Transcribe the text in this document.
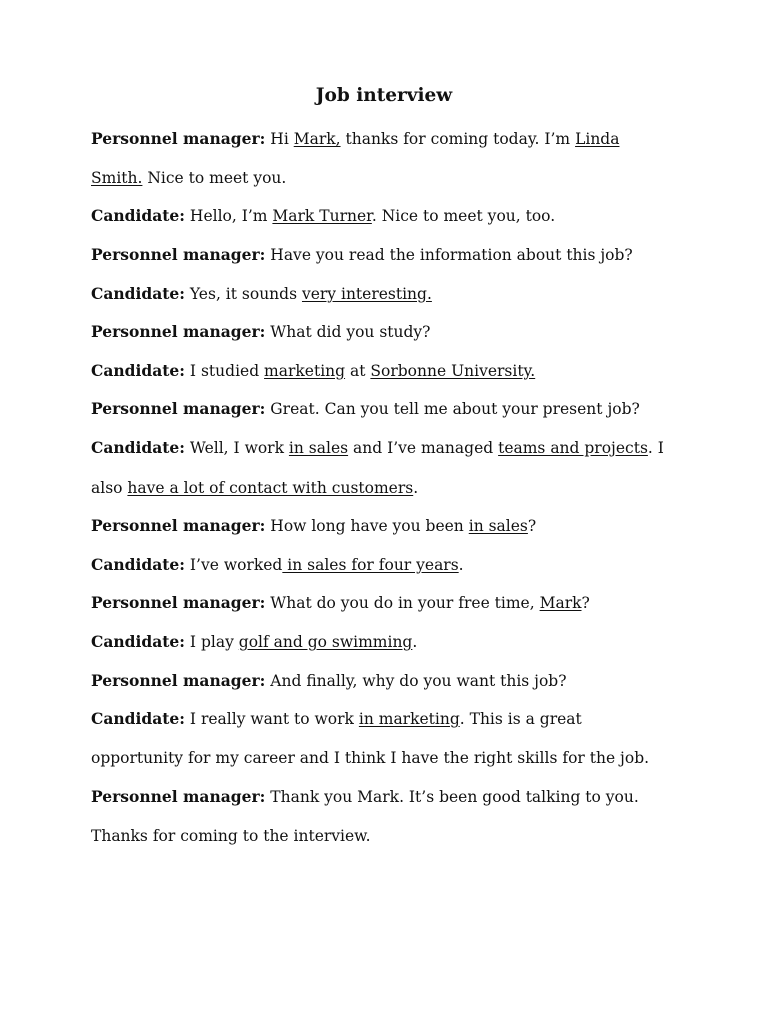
Job interview
Personnel manager: Hi Mark, thanks for coming today. I’m Linda
Smith. Nice to meet you.
Candidate: Hello, I’m Mark Turner. Nice to meet you, too.
Personnel manager: Have you read the information about this job?
Candidate: Yes, it sounds very interesting.
Personnel manager: What did you study?
Candidate: I studied marketing at Sorbonne University.
Personnel manager: Great. Can you tell me about your present job?
Candidate: Well, I work in sales and I’ve managed teams and projects. I
also have a lot of contact with customers.
Personnel manager: How long have you been in sales?
Candidate: I’ve worked in sales for four years.
Personnel manager: What do you do in your free time, Mark?
Candidate: I play golf and go swimming.
Personnel manager: And finally, why do you want this job?
Candidate: I really want to work in marketing. This is a great
opportunity for my career and I think I have the right skills for the job.
Personnel manager: Thank you Mark. It’s been good talking to you.
Thanks for coming to the interview.
